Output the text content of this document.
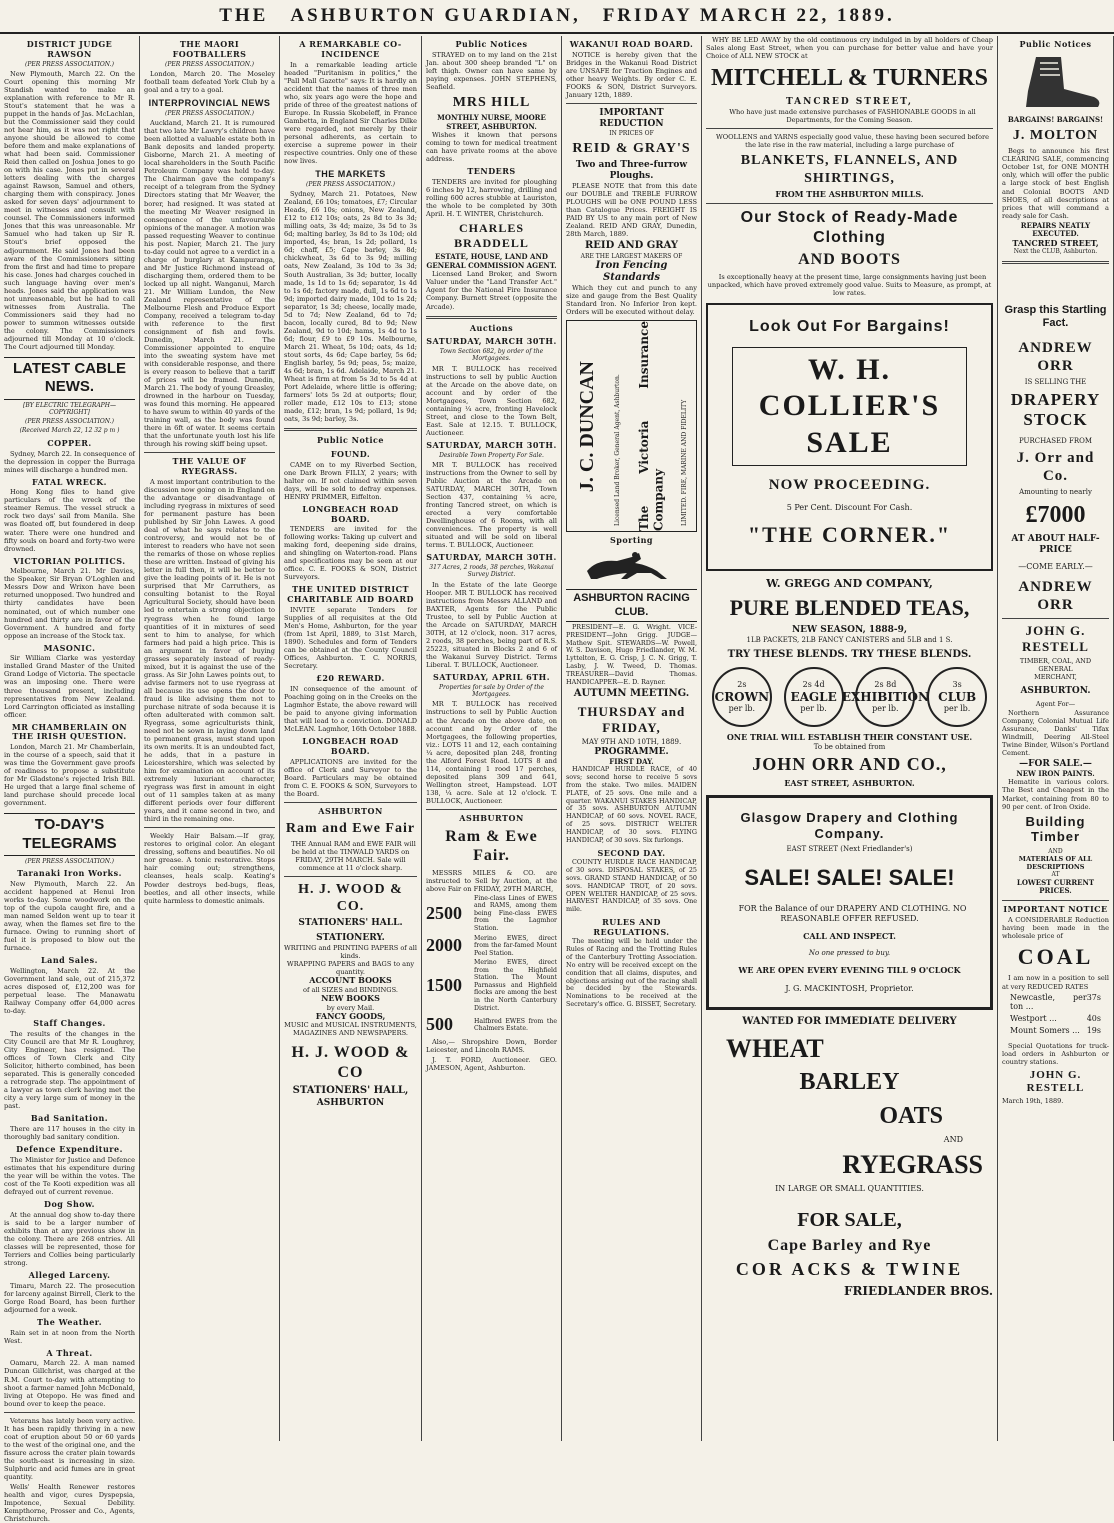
THE ASHBURTON GUARDIAN, FRIDAY MARCH 22, 1889.
DISTRICT JUDGE RAWSON
(PER PRESS ASSOCIATION.)

New Plymouth, March 22. On the Court opening this morning Mr Standish wanted to make an explanation with reference to Mr R. Stout's statement that he was a puppet in the hands of Jas. McLachlan, but the Commissioner said they could not hear him, as it was not right that anyone should be allowed to come before them and make explanations of what had been said. Commissioner Reid then called on Joshua Jones to go on with his case. Jones put in several letters dealing with the charges against Rawson, Samuel and others, charging them with conspiracy. Jones asked for seven days' adjournment to meet in witnesses and consult with counsel. The Commissioners informed Jones that this was unreasonable. Mr Samuel who had taken up Sir R. Stout's brief opposed the adjournment. He said Jones had been aware of the Commissioners sitting from the first and had time to prepare his case. Jones had charges couched in such language having over men's heads. Jones said the application was not unreasonable, but he had to call witnesses from Australia. The Commissioners said they had no power to summon witnesses outside the colony. The Commissioners adjourned till Monday at 10 o'clock. The Court adjourned till Monday.

LATEST CABLE NEWS.
[BY ELECTRIC TELEGRAPH—COPYRIGHT]
(PER PRESS ASSOCIATION.)
(Received March 22, 12 32 p m )
COPPER.

Sydney, March 22. In consequence of the depression in copper the Burraga mines will discharge a hundred men.

FATAL WRECK.

Hong Kong files to hand give particulars of the wreck of the steamer Remus. The vessel struck a rock two days' sail from Manila. She was floated off, but foundered in deep water. There were one hundred and fifty souls on board and forty-two were drowned.

VICTORIAN POLITICS.

Melbourne, March 21. Mr Davies, the Speaker, Sir Bryan O'Loghlen and Messrs Dow and Wrixon have been returned unopposed. Two hundred and thirty candidates have been nominated, out of which number one hundred and thirty are in favor of the Government. A hundred and forty oppose an increase of the Stock tax.

MASONIC.

Sir William Clarke was yesterday installed Grand Master of the United Grand Lodge of Victoria. The spectacle was an imposing one. There were three thousand present, including representatives from New Zealand. Lord Carrington officiated as installing officer.

MR CHAMBERLAIN ON THE IRISH QUESTION.

London, March 21. Mr Chamberlain, in the course of a speech, said that it was time the Government gave proofs of readiness to propose a substitute for Mr Gladstone's rejected Irish Bill. He urged that a large final scheme of land purchase should precede local government.

TO-DAY'S TELEGRAMS
(PER PRESS ASSOCIATION.)
Taranaki Iron Works.

New Plymouth, March 22. An accident happened at Henui Iron works to-day. Some woodwork on the top of the cupola caught fire, and a man named Seldon went up to tear it away, when the flames set fire to the furnace. Owing to running short of fuel it is proposed to blow out the furnace.

Land Sales.

Wellington, March 22. At the Government land sale, out of 215,372 acres disposed of, £12,200 was for perpetual lease. The Manawatu Railway Company offer 64,000 acres to-day.

Staff Changes.

The results of the changes in the City Council are that Mr R. Loughrey, City Engineer, has resigned. The offices of Town Clerk and City Solicitor, hitherto combined, has been separated. This is generally conceded a retrograde step. The appointment of a lawyer as town clerk having met the city a very large sum of money in the past.

Bad Sanitation.

There are 117 houses in the city in thoroughly bad sanitary condition.

Defence Expenditure.

The Minister for Justice and Defence estimates that his expenditure during the year will be within the votes. The cost of the Te Kooti expedition was all defrayed out of current revenue.

Dog Show.

At the annual dog show to-day there is said to be a larger number of exhibits than at any previous show in the colony. There are 268 entries. All classes will be represented, those for Terriers and Collies being particularly strong.

Alleged Larceny.

Timaru, March 22. The prosecution for larceny against Birrell, Clerk to the Gorge Road Board, has been further adjourned for a week.

The Weather.

Rain set in at noon from the North West.

A Threat.

Oamaru, March 22. A man named Duncan Gillchrist, was charged at the R.M. Court to-day with attempting to shoot a farmer named John McDonald, living at Otepopo. He was fined and bound over to keep the peace.

Veterans has lately been very active. It has been rapidly thriving in a new coat of eruption about 50 or 60 yards to the west of the original one, and the fissure across the crater plain towards the south-east is increasing in size. Sulphuric and acid fumes are in great quantity.

Wells' Health Renewer restores health and vigor, cures Dyspepsia, Impotence, Sexual Debility. Kempthorne, Prosser and Co., Agents, Christchurch.

THE MAORI FOOTBALLERS
(PER PRESS ASSOCIATION.)

London, March 20. The Moseley football team defeated York Club by a goal and a try to a goal.

INTERPROVINCIAL NEWS
(PER PRESS ASSOCIATION.)

Auckland, March 21. It is rumoured that two late Mr Lawry's children have been allotted a valuable estate both in Bank deposits and landed property. Gisborne, March 21. A meeting of local shareholders in the South Pacific Petroleum Company was held to-day. The Chairman gave the company's receipt of a telegram from the Sydney Directors stating that Mr Weaver, the borer, had resigned. It was stated at the meeting Mr Weaver resigned in consequence of the unfavourable opinions of the manager. A motion was passed requesting Weaver to continue his post. Napier, March 21. The jury to-day could not agree to a verdict in a charge of burglary at Kampuranga, and Mr Justice Richmond instead of discharging them, ordered them to be locked up all night. Wanganui, March 21. Mr William Lundon, the New Zealand representative of the Melbourne Flesh and Produce Export Company, received a telegram to-day with reference to the first consignment of fish and fowls. Dunedin, March 21. The Commissioner appointed to enquire into the sweating system have met with considerable response, and there is every reason to believe that a tariff of prices will be framed. Dunedin, March 21. The body of young Greasley, drowned in the harbour on Tuesday, was found this morning. He appeared to have swum to within 40 yards of the training wall, as the body was found there in 6ft of water. It seems certain that the unfortunate youth lost his life through his rowing skiff being upset.

THE VALUE OF RYEGRASS.

A most important contribution to the discussion now going on in England on the advantage or disadvantage of including ryegrass in mixtures of seed for permanent pasture has been published by Sir John Lawes. A good deal of what he says relates to the controversy, and would not be of interest to readers who have not seen the remarks of those on whose replies these are written. Instead of giving his letter in full then, it will be better to give the leading points of it. He is not surprised that Mr Carruthers, as consulting botanist to the Royal Agricultural Society, should have been led to entertain a strong objection to ryegrass when he found large quantities of it in mixtures of seed sent to him to analyse, for which farmers had paid a high price. This is an argument in favor of buying grasses separately instead of ready-mixed, but it is against the use of the grass. As Sir John Lawes points out, to advise farmers not to use ryegrass at all because its use opens the door to fraud is like advising them not to purchase nitrate of soda because it is often adulterated with common salt. Ryegrass, some agriculturists think, need not be sown in laying down land to permanent grass, must stand upon its own merits. It is an undoubted fact, he adds, that in a pasture in Leicestershire, which was selected by him for examination on account of its extremely luxuriant character, ryegrass was first in amount in eight out of 11 samples taken at as many different periods over four different years, and it came second in two, and third in the remaining one.

Weekly Hair Balsam.—If gray, restores to original color. An elegant dressing, softens and beautifies. No oil nor grease. A tonic restorative. Stops hair coming out; strengthens, cleanses, heals scalp. Keating's Powder destroys bed-bugs, fleas, beetles, and all other insects, while quite harmless to domestic animals.

A REMARKABLE CO-INCIDENCE

In a remarkable leading article headed "Puritanism in politics," the "Pall Mall Gazette" says: It is hardly an accident that the names of three men who, six years ago were the hope and pride of three of the greatest nations of Europe. In Russia Skobeleff, in France Gambetta, in England Sir Charles Dilke were regarded, not merely by their personal adherents, as certain to exercise a supreme power in their respective countries. Only one of these now lives.

THE MARKETS
(PER PRESS ASSOCIATION.)

Sydney, March 21. Potatoes, New Zealand, £6 10s; tomatoes, £7; Circular Heads, £6 10s; onions, New Zealand, £12 to £12 10s; oats, 2s 8d to 3s 3d; milling oats, 3s 4d; maize, 3s 5d to 3s 6d; malting barley, 3s 8d to 3s 10d; old imported, 4s; bran, 1s 2d; pollard, 1s 6d; chaff, £5; Cape barley, 3s 8d; chickwheat, 3s 6d to 3s 9d; milling oats, New Zealand, 3s 10d to 3s 3d; South Australian, 3s 3d; butter, locally made, 1s 1d to 1s 6d; separator, 1s 4d to 1s 6d; factory made, dull, 1s 6d to 1s 9d; imported dairy made, 10d to 1s 2d; separator, 1s 3d; cheese, locally made, 5d to 7d; New Zealand, 6d to 7d; bacon, locally cured, 8d to 9d; New Zealand, 9d to 10d; hams, 1s 4d to 1s 6d; flour, £9 to £9 10s. Melbourne, March 21. Wheat, 5s 10d; oats, 4s 1d; stout sorts, 4s 6d; Cape barley, 5s 6d; English barley, 5s 9d; peas, 5s; maize, 4s 6d; bran, 1s 6d. Adelaide, March 21. Wheat is firm at from 5s 3d to 5s 4d at Port Adelaide, where little is offering; farmers' lots 5s 2d at outports; flour, roller made, £12 10s to £13; stone made, £12; bran, 1s 9d; pollard, 1s 9d; oats, 3s 9d; barley, 3s.

Public Notice
FOUND.

CAME on to my Riverbed Section, one Dark Brown FILLY, 2 years; with halter on. If not claimed within seven days, will be sold to defray expenses. HENRY PRIMMER, Eiffelton.

LONGBEACH ROAD BOARD.

TENDERS are invited for the following works: Taking up culvert and making ford, deepening side drains, and shingling on Waterton-road. Plans and specifications may be seen at our office. C. E. FOOKS & SON, District Surveyors.

THE UNITED DISTRICT CHARITABLE AID BOARD

INVITE separate Tenders for Supplies of all requisites at the Old Men's Home, Ashburton, for the year (from 1st April, 1889, to 31st March, 1890). Schedules and form of Tenders can be obtained at the County Council Offices, Ashburton. T. C. NORRIS, Secretary.

£20 REWARD.

IN consequence of the amount of Poaching going on in the Creeks on the Lagmhor Estate, the above reward will be paid to anyone giving information that will lead to a conviction. DONALD McLEAN. Lagmhor, 16th October 1888.

LONGBEACH ROAD BOARD.

APPLICATIONS are invited for the office of Clerk and Surveyor to the Board. Particulars may be obtained from C. E. FOOKS & SON, Surveyors to the Board.

ASHBURTON
Ram and Ewe Fair

THE Annual RAM and EWE FAIR will be held at the TINWALD YARDS on FRIDAY, 29TH MARCH. Sale will commence at 11 o'clock sharp.

H. J. WOOD & CO.
STATIONERS' HALL.
STATIONERY.
WRITING and PRINTING PAPERS of all kinds.
WRAPPING PAPERS and BAGS to any quantity.
ACCOUNT BOOKS
of all SIZES and BINDINGS.
NEW BOOKS
by every Mail.
FANCY GOODS,
MUSIC and MUSICAL INSTRUMENTS,
MAGAZINES AND NEWSPAPERS.
H. J. WOOD & CO
STATIONERS' HALL,
ASHBURTON
Public Notices

STRAYED on to my land on the 21st Jan. about 300 sheep branded "L" on left thigh. Owner can have same by paying expenses. JOHN STEPHENS, Seafield.

MRS HILL
MONTHLY NURSE, MOORE STREET, ASHBURTON.

Wishes it known that persons coming to town for medical treatment can have private rooms at the above address.

TENDERS

TENDERS are invited for ploughing 6 inches by 12, harrowing, drilling and rolling 600 acres stubble at Lauriston, the whole to be completed by 30th April. H. T. WINTER, Christchurch.

CHARLES BRADDELL
ESTATE, HOUSE, LAND AND GENERAL COMMISSION AGENT.

Licensed Land Broker, and Sworn Valuer under the "Land Transfer Act." Agent for the National Fire Insurance Company. Burnett Street (opposite the Arcade).

Auctions
SATURDAY, MARCH 30TH.
Town Section 682, by order of the Mortgagees.

MR T. BULLOCK has received instructions to sell by public Auction at the Arcade on the above date, on account and by order of the Mortgagees, Town Section 682, containing ¼ acre, fronting Havelock Street, and close to the Town Belt, East. Sale at 12.15. T. BULLOCK, Auctioneer.

SATURDAY, MARCH 30TH.
Desirable Town Property For Sale.

MR T. BULLOCK has received instructions from the Owner to sell by Public Auction at the Arcade on SATURDAY, MARCH 30TH, Town Section 437, containing ¼ acre, fronting Tancred street, on which is erected a very comfortable Dwellinghouse of 6 Rooms, with all conveniences. The property is well situated and will be sold on liberal terms. T. BULLOCK, Auctioneer.

SATURDAY, MARCH 30TH.
317 Acres, 2 roods, 38 perches, Wakanui Survey District.

In the Estate of the late George Hooper. MR T. BULLOCK has received instructions from Messrs ALLAND and BAXTER, Agents for the Public Trustee, to sell by Public Auction at the Arcade on SATURDAY, MARCH 30TH, at 12 o'clock, noon. 317 acres, 2 roods, 38 perches, being part of R.S. 25223, situated in Blocks 2 and 6 of the Wakanui Survey District. Terms Liberal. T. BULLOCK, Auctioneer.

SATURDAY, APRIL 6TH.
Properties for sale by Order of the Mortgagees.

MR T. BULLOCK has received instructions to sell by Public Auction at the Arcade on the above date, on account and by Order of the Mortgagees, the following properties, viz.: LOTS 11 and 12, each containing ¼ acre, deposited plan 248, fronting the Alford Forest Road. LOTS 8 and 114, containing 1 rood 17 perches, deposited plans 309 and 641, Wellington street, Hampstead. LOT 138, ¼ acre. Sale at 12 o'clock. T. BULLOCK, Auctioneer.

ASHBURTON
Ram & Ewe Fair.

MESSRS MILES & CO. are instructed to Sell by Auction, at the above Fair on FRIDAY, 29TH MARCH,

2500
Fine-class Lines of EWES and RAMS, among them being Fine-class EWES from the Lagmhor Station.
2000	Merino EWES, direct from the far-famed Mount Peel Station.
1500
Merino EWES, direct from the Highfield Station. The Mount Parnassus and Highfield flocks are among the best in the North Canterbury District.
500	Halfbred EWES from the Chalmers Estate.

Also,— Shropshire Down, Border Leicester, and Lincoln RAMS.

J. T. FORD, Auctioneer. GEO. JAMESON, Agent, Ashburton.

WAKANUI ROAD BOARD.

NOTICE is hereby given that the Bridges in the Wakanui Road District are UNSAFE for Traction Engines and other heavy Weights. By order C. E. FOOKS & SON, District Surveyors. January 12th, 1889.

IMPORTANT REDUCTION
IN PRICES OF
REID & GRAY'S
Two and Three-furrow Ploughs.

PLEASE NOTE that from this date our DOUBLE and TREBLE FURROW PLOUGHS will be ONE POUND LESS than Catalogue Prices. FREIGHT IS PAID BY US to any main port of New Zealand. REID AND GRAY, Dunedin, 28th March, 1889.

REID AND GRAY
ARE THE LARGEST MAKERS OF
Iron Fencing Standards

Which they cut and punch to any size and gauge from the Best Quality Standard Iron. No Inferior Iron kept. Orders will be executed without delay.

J. C. DUNCAN	Licensed Land Broker, General Agent, Ashburton. The Victoria Insurance Company	LIMITED. FIRE, MARINE AND FIDELITY
Sporting
ASHBURTON RACING CLUB.

PRESIDENT—E. G. Wright. VICE-PRESIDENT—John Grigg. JUDGE—Mathew Spit. STEWARDS—W. Powell, W. S. Davison, Hugo Friedlander, W. M. Lyttelton, E. G. Crisp, J. C. N. Grigg, T. Lasby, J. W. Tweed, D. Thomas. TREASURER—David Thomas. HANDICAPPER—E. D. Rayner.

AUTUMN MEETING.
THURSDAY and FRIDAY,
MAY 9TH AND 10TH, 1889.
PROGRAMME.
FIRST DAY.

HANDICAP HURDLE RACE, of 40 sovs; second horse to receive 5 sovs from the stake. Two miles. MAIDEN PLATE, of 25 sovs. One mile and a quarter. WAKANUI STAKES HANDICAP, of 35 sovs. ASHBURTON AUTUMN HANDICAP, of 60 sovs. NOVEL RACE, of 25 sovs. DISTRICT WELTER HANDICAP, of 30 sovs. FLYING HANDICAP, of 30 sovs. Six furlongs.

SECOND DAY.

COUNTY HURDLE RACE HANDICAP, of 30 sovs. DISPOSAL STAKES, of 25 sovs. GRAND STAND HANDICAP, of 50 sovs. HANDICAP TROT, of 20 sovs. OPEN WELTER HANDICAP, of 25 sovs. HARVEST HANDICAP, of 35 sovs. One mile.

RULES AND REGULATIONS.

The meeting will be held under the Rules of Racing and the Trotting Rules of the Canterbury Trotting Association. No entry will be received except on the condition that all claims, disputes, and objections arising out of the racing shall be decided by the Stewards. Nominations to be received at the Secretary's office. G. BISSET, Secretary.

WHY BE LED AWAY by the old continuous cry indulged in by all holders of Cheap Sales along East Street, when you can purchase for better value and have your Choice of ALL NEW STOCK at

MITCHELL & TURNERS
TANCRED STREET,

Who have just made extensive purchases of FASHIONABLE GOODS in all Departments, for the Coming Season.

WOOLLENS and YARNS especially good value, these having been secured before the late rise in the raw material, including a large purchase of

BLANKETS, FLANNELS, AND SHIRTINGS,
FROM THE ASHBURTON MILLS.
Our Stock of Ready-Made Clothing
AND BOOTS

Is exceptionally heavy at the present time, large consignments having just been unpacked, which have proved extremely good value. Suits to Measure, as prompt, at low rates.

Look Out For Bargains!
W. H. COLLIER'S SALE
NOW PROCEEDING.
5 Per Cent. Discount For Cash.
"THE CORNER."
W. GREGG AND COMPANY,
PURE BLENDED TEAS,
NEW SEASON, 1888-9,
1LB PACKETS, 2LB FANCY CANISTERS and 5LB and 1 S.
TRY THESE BLENDS. TRY THESE BLENDS.
2s
CROWN
per lb.
2s 4d
EAGLE
per lb.
2s 8d
EXHIBITION
per lb.
3s
CLUB
per lb.
ONE TRIAL WILL ESTABLISH THEIR CONSTANT USE.
To be obtained from
JOHN ORR AND CO.,
EAST STREET, ASHBURTON.
Glasgow Drapery and Clothing Company.
EAST STREET (Next Friedlander's)
SALE! SALE! SALE!

FOR the Balance of our DRAPERY AND CLOTHING. NO REASONABLE OFFER REFUSED.

CALL AND INSPECT.
No one pressed to buy.
WE ARE OPEN EVERY EVENING TILL 9 O'CLOCK
J. G. MACKINTOSH, Proprietor.
WANTED FOR IMMEDIATE DELIVERY
WHEAT
BARLEY
OATS
AND
RYEGRASS
IN LARGE OR SMALL QUANTITIES.
FOR SALE,
Cape Barley and Rye
COR ACKS & TWINE
FRIEDLANDER BROS.
Public Notices
BARGAINS! BARGAINS!
J. MOLTON

Begs to announce his first CLEARING SALE, commencing October 1st, for ONE MONTH only, which will offer the public a large stock of best English and Colonial BOOTS AND SHOES, of all descriptions at prices that will command a ready sale for Cash.

REPAIRS NEATLY EXECUTED.
TANCRED STREET,
Next the CLUB, Ashburton.
Grasp this Startling Fact.
ANDREW ORR
IS SELLING THE
DRAPERY STOCK
PURCHASED FROM
J. Orr and Co.
Amounting to nearly
£7000
AT ABOUT HALF-PRICE
—COME EARLY.—
ANDREW ORR
JOHN G. RESTELL
TIMBER, COAL, AND GENERAL
MERCHANT,
ASHBURTON.
Agent For—

Northern Assurance Company, Colonial Mutual Life Assurance, Danks' Tifax Windmill, Deering All-Steel Twine Binder, Wilson's Portland Cement.

—FOR SALE.—
NEW IRON PAINTS.

Hematite in various colors. The Best and Cheapest in the Market, containing from 80 to 90 per cent. of Iron Oxide.

Building Timber
AND
MATERIALS OF ALL DESCRIPTIONS
AT
LOWEST CURRENT PRICES.
IMPORTANT NOTICE

A CONSIDERABLE Reduction having been made in the wholesale price of

COAL

I am now in a position to sell at very REDUCED RATES

Newcastle, per ton ...
37s
Westport ...	40s
Mount Somers ... 19s

Special Quotations for truck-load orders in Ashburton or country stations.

JOHN G. RESTELL
March 19th, 1889.
